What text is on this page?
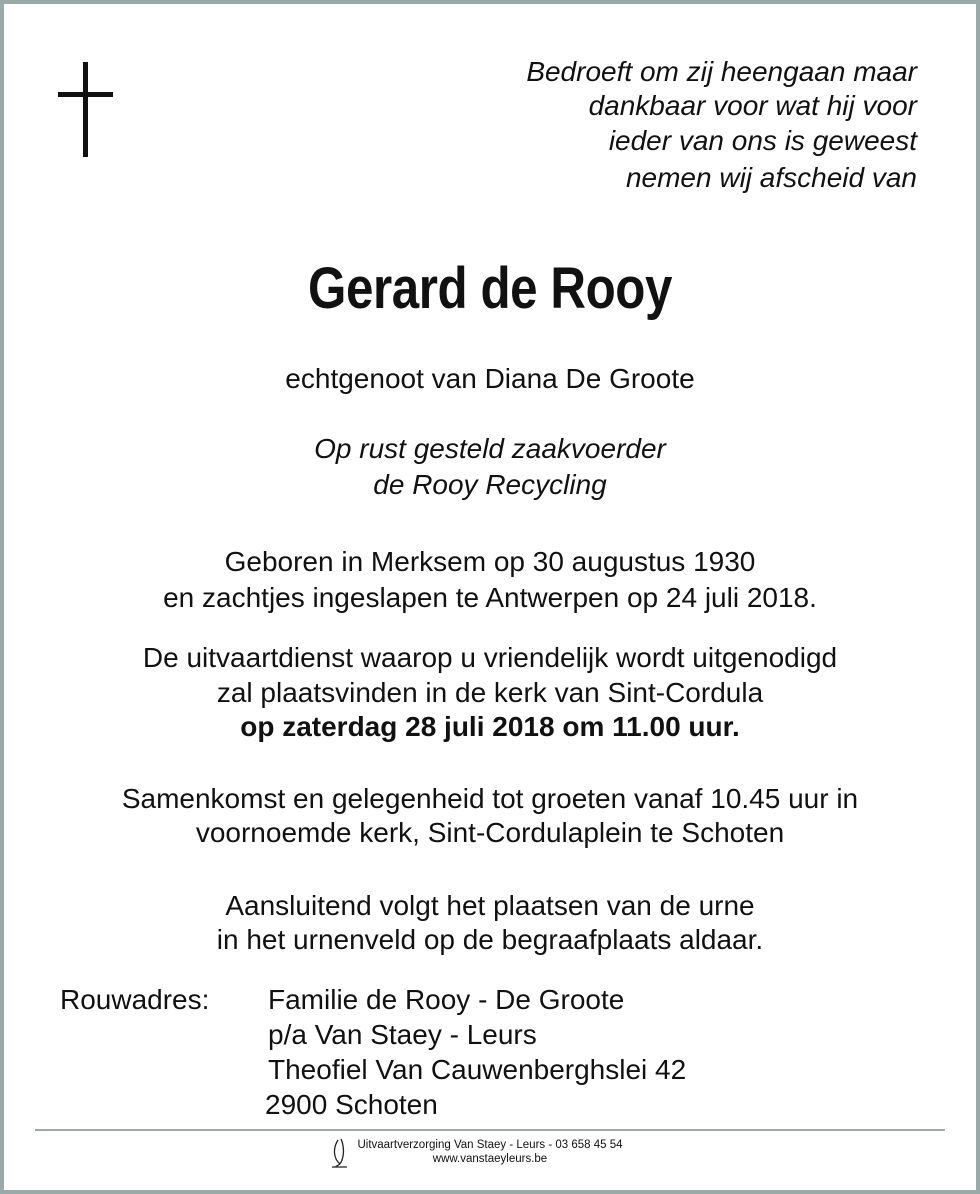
Bedroeft om zij heengaan maar
dankbaar voor wat hij voor
ieder van ons is geweest
nemen wij afscheid van
Gerard de Rooy
echtgenoot van Diana De Groote
Op rust gesteld zaakvoerder
de Rooy Recycling
Geboren in Merksem op 30 augustus 1930
en zachtjes ingeslapen te Antwerpen op 24 juli 2018.
De uitvaartdienst waarop u vriendelijk wordt uitgenodigd
zal plaatsvinden in de kerk van Sint-Cordula
op zaterdag 28 juli 2018 om 11.00 uur.
Samenkomst en gelegenheid tot groeten vanaf 10.45 uur in
voornoemde kerk, Sint-Cordulaplein te Schoten
Aansluitend volgt het plaatsen van de urne
in het urnenveld op de begraafplaats aldaar.
Rouwadres: Familie de Rooy - De Groote
p/a Van Staey - Leurs
Theofiel Van Cauwenberghslei 42
2900 Schoten
Uitvaartverzorging Van Staey - Leurs - 03 658 45 54
www.vanstaeyleurs.be
